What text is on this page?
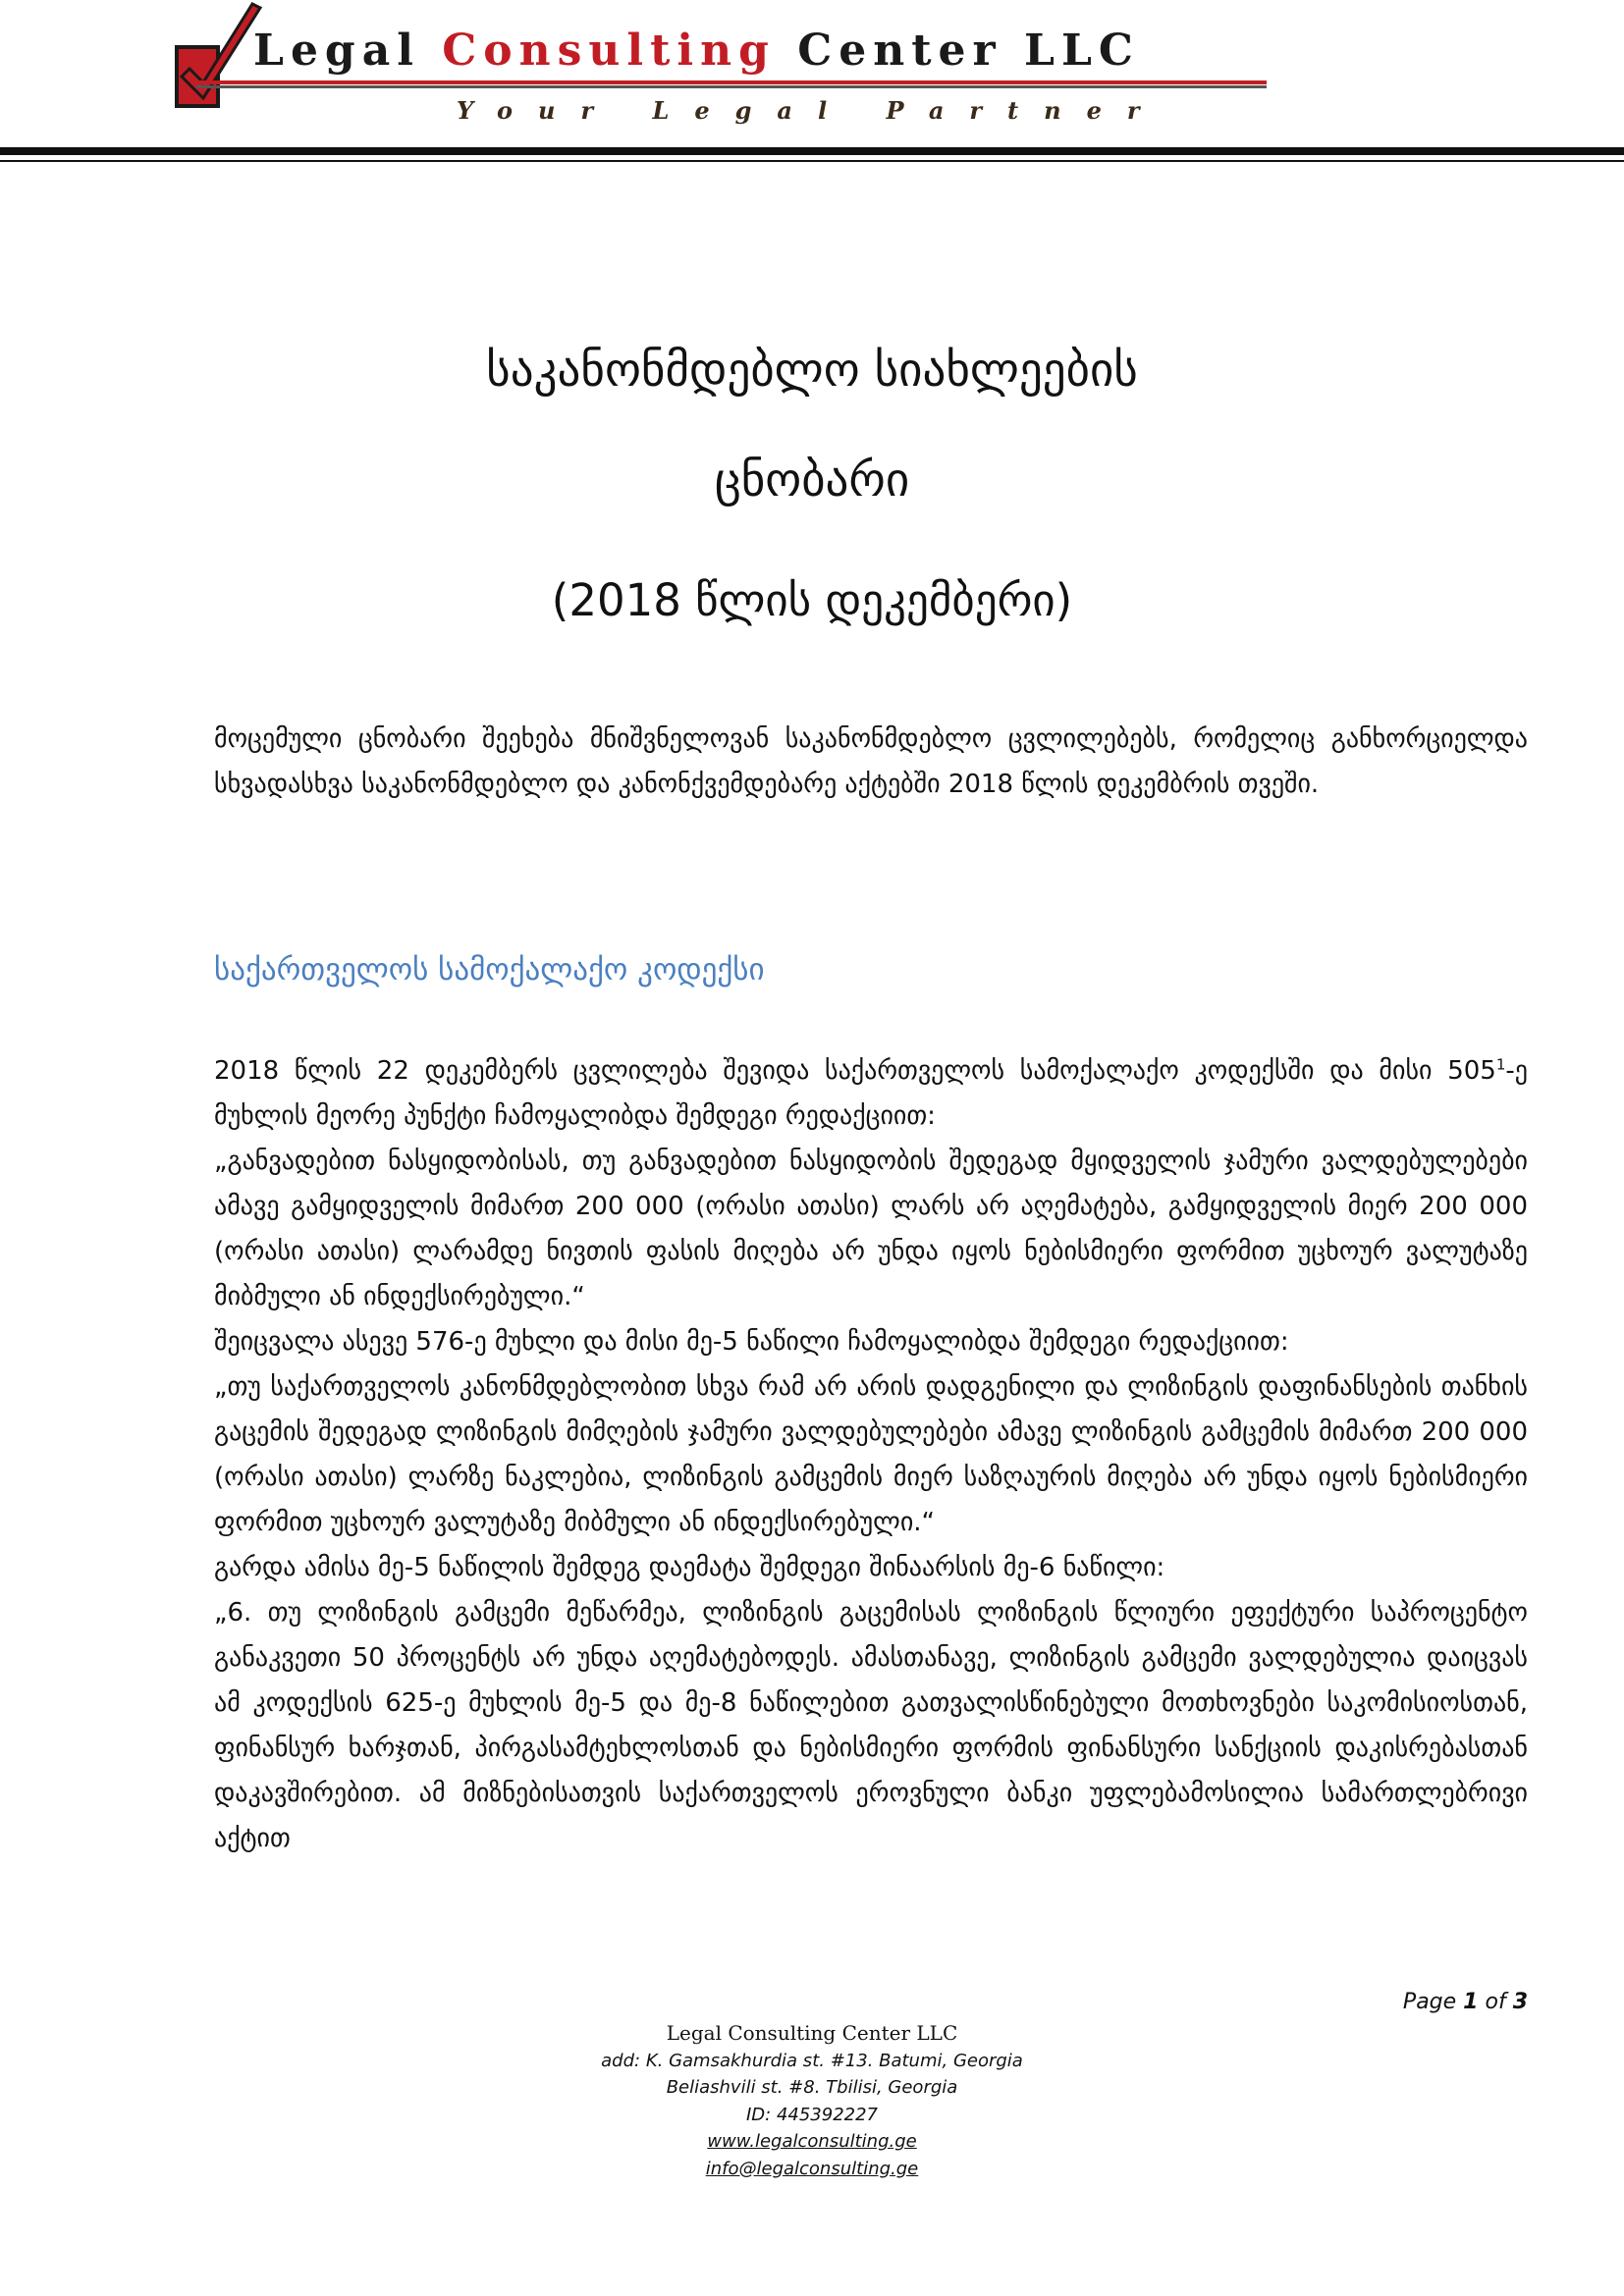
Legal Consulting Center LLC
Your Legal Partner
საკანონმდებლო სიახლეების
ცნობარი
(2018 წლის დეკემბერი)
მოცემული ცნობარი შეეხება მნიშვნელოვან საკანონმდებლო ცვლილებებს, რომელიც განხორციელდა სხვადასხვა საკანონმდებლო და კანონქვემდებარე აქტებში 2018 წლის დეკემბრის თვეში.
საქართველოს სამოქალაქო კოდექსი

2018 წლის 22 დეკემბერს ცვლილება შევიდა საქართველოს სამოქალაქო კოდექსში და მისი $505^1-ე$ მუხლის მეორე პუნქტი ჩამოყალიბდა შემდეგი რედაქციით:

„განვადებით ნასყიდობისას, თუ განვადებით ნასყიდობის შედეგად მყიდველის ჯამური ვალდებულებები ამავე გამყიდველის მიმართ 200 000 (ორასი ათასი) ლარს არ აღემატება, გამყიდველის მიერ 200 000 (ორასი ათასი) ლარამდე ნივთის ფასის მიღება არ უნდა იყოს ნებისმიერი ფორმით უცხოურ ვალუტაზე მიბმული ან ინდექსირებული.“

შეიცვალა ასევე 576-ე მუხლი და მისი მე-5 ნაწილი ჩამოყალიბდა შემდეგი რედაქციით:

„თუ საქართველოს კანონმდებლობით სხვა რამ არ არის დადგენილი და ლიზინგის დაფინანსების თანხის გაცემის შედეგად ლიზინგის მიმღების ჯამური ვალდებულებები ამავე ლიზინგის გამცემის მიმართ 200 000 (ორასი ათასი) ლარზე ნაკლებია, ლიზინგის გამცემის მიერ საზღაურის მიღება არ უნდა იყოს ნებისმიერი ფორმით უცხოურ ვალუტაზე მიბმული ან ინდექსირებული.“

გარდა ამისა მე-5 ნაწილის შემდეგ დაემატა შემდეგი შინაარსის მე-6 ნაწილი:

„6. თუ ლიზინგის გამცემი მეწარმეა, ლიზინგის გაცემისას ლიზინგის წლიური ეფექტური საპროცენტო განაკვეთი 50 პროცენტს არ უნდა აღემატებოდეს. ამასთანავე, ლიზინგის გამცემი ვალდებულია დაიცვას ამ კოდექსის 625-ე მუხლის მე-5 და მე-8 ნაწილებით გათვალისწინებული მოთხოვნები საკომისიოსთან, ფინანსურ ხარჯთან, პირგასამტეხლოსთან და ნებისმიერი ფორმის ფინანსური სანქციის დაკისრებასთან დაკავშირებით. ამ მიზნებისათვის საქართველოს ეროვნული ბანკი უფლებამოსილია სამართლებრივი აქტით

Page 1 of 3
Legal Consulting Center LLC
add: K. Gamsakhurdia st. #13. Batumi, Georgia
Beliashvili st. #8. Tbilisi, Georgia
ID: 445392227
www.legalconsulting.ge
info@legalconsulting.ge
